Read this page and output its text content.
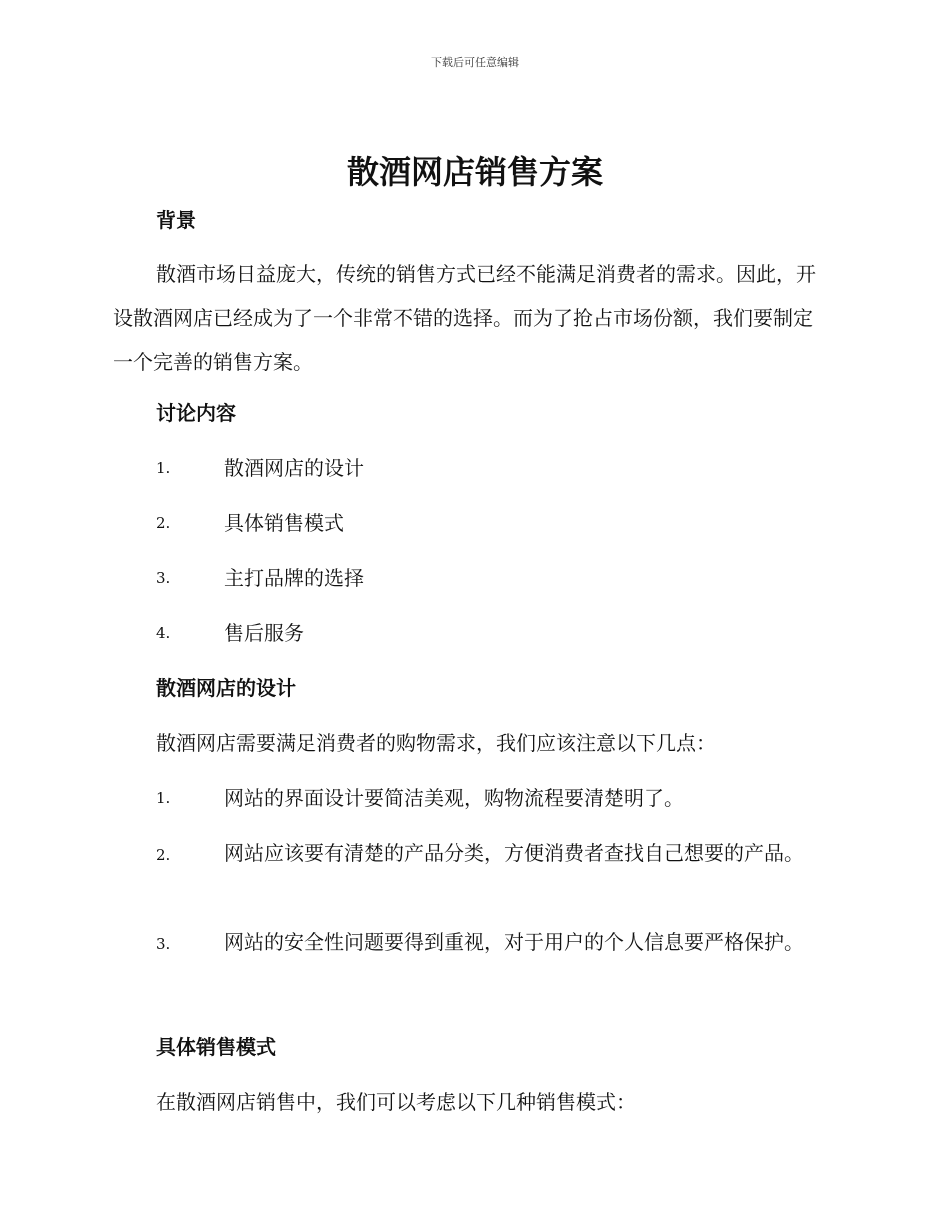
下载后可任意编辑
散酒网店销售方案
背景
散酒市场日益庞大，传统的销售方式已经不能满足消费者的需求。因此，开设散酒网店已经成为了一个非常不错的选择。而为了抢占市场份额，我们要制定一个完善的销售方案。
讨论内容
1.	散酒网店的设计
2.	具体销售模式
3.	主打品牌的选择
4.	售后服务
散酒网店的设计
散酒网店需要满足消费者的购物需求，我们应该注意以下几点：
1.	网站的界面设计要简洁美观，购物流程要清楚明了。
2.	网站应该要有清楚的产品分类，方便消费者查找自己想要的产品。
3.	网站的安全性问题要得到重视，对于用户的个人信息要严格保护。
具体销售模式
在散酒网店销售中，我们可以考虑以下几种销售模式：
